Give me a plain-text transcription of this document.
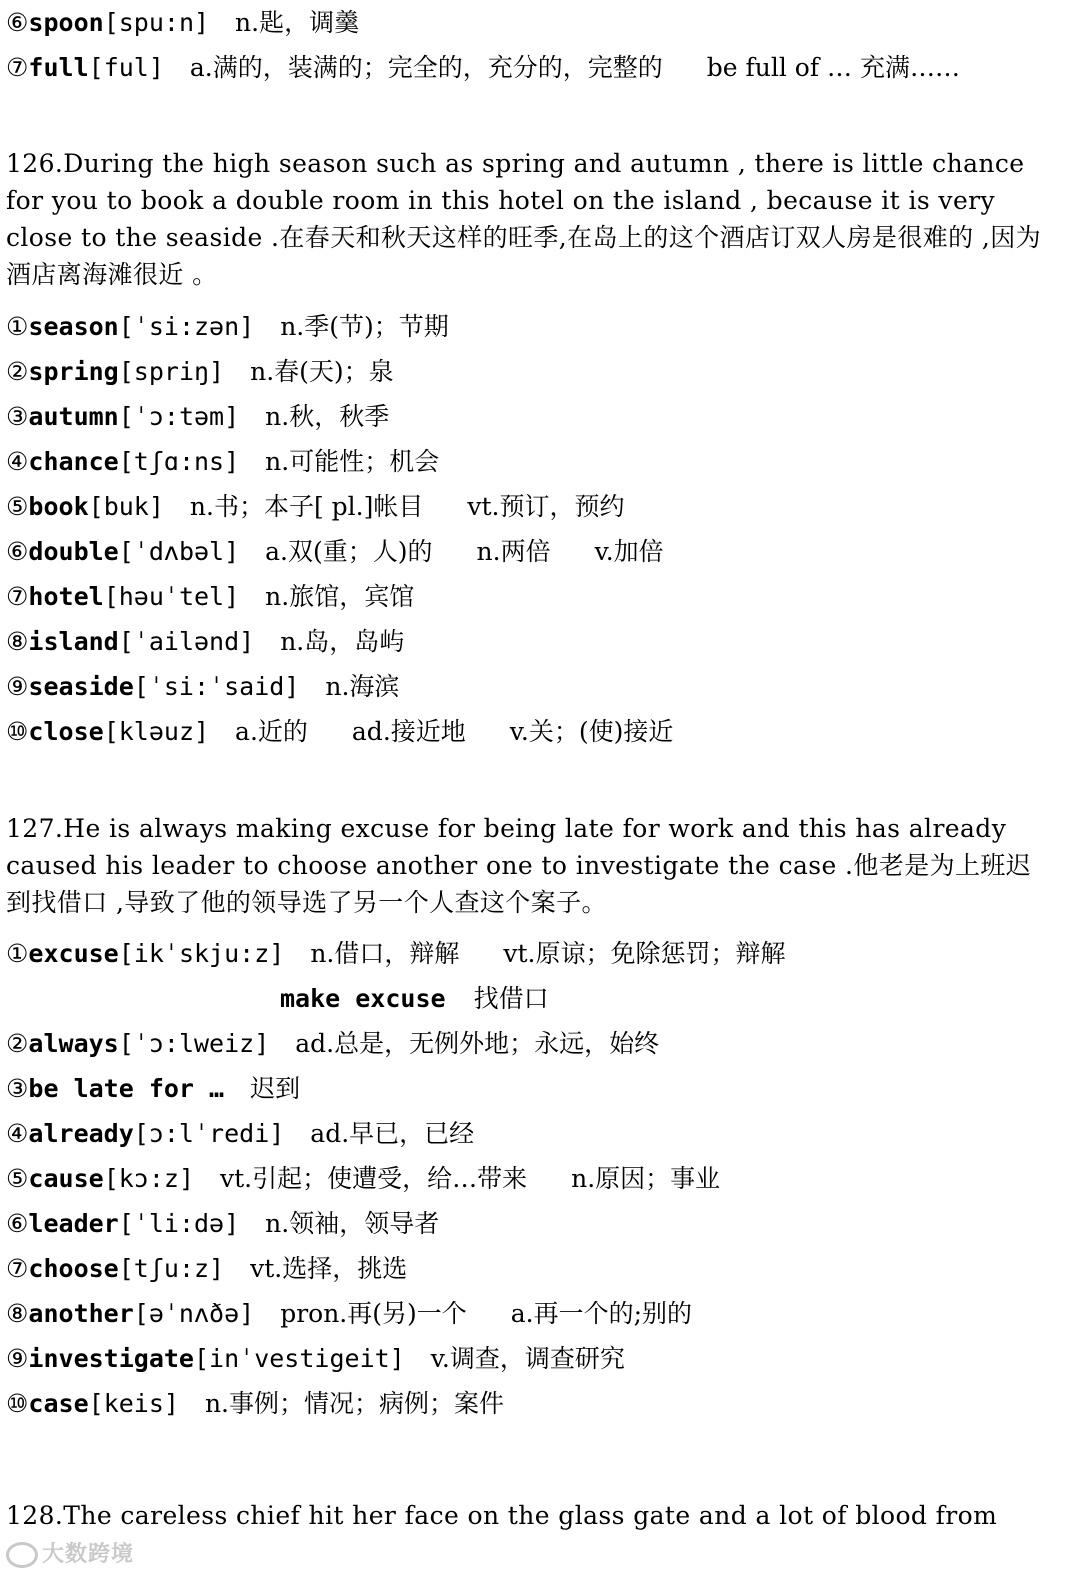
⑥spoon[spu:n] n.匙，调羹
⑦full[ful] a.满的，装满的；完全的，充分的，完整的 be full of … 充满……

126.During the high season such as spring and autumn , there is little chance for you to book a double room in this hotel on the island , because it is very close to the seaside .在春天和秋天这样的旺季,在岛上的这个酒店订双人房是很难的 ,因为酒店离海滩很近 。

①season[ˈsi:zən] n.季(节)；节期
②spring[spriŋ] n.春(天)；泉
③autumn[ˈɔ:təm] n.秋，秋季
④chance[tʃɑ:ns] n.可能性；机会
⑤book[buk] n.书；本子[ pl.]帐目 vt.预订，预约
⑥double[ˈdʌbəl] a.双(重；人)的 n.两倍 v.加倍
⑦hotel[həuˈtel] n.旅馆，宾馆
⑧island[ˈailənd] n.岛，岛屿
⑨seaside[ˈsi:ˈsaid] n.海滨
⑩close[kləuz] a.近的 ad.接近地 v.关；(使)接近

127.He is always making excuse for being late for work and this has already caused his leader to choose another one to investigate the case .他老是为上班迟到找借口 ,导致了他的领导选了另一个人查这个案子。

①excuse[ikˈskju:z] n.借口，辩解 vt.原谅；免除惩罚；辩解
make excuse 找借口
②always[ˈɔ:lweiz] ad.总是，无例外地；永远，始终
③be late for … 迟到
④already[ɔ:lˈredi] ad.早已，已经
⑤cause[kɔ:z] vt.引起；使遭受，给…带来 n.原因；事业
⑥leader[ˈli:də] n.领袖，领导者
⑦choose[tʃu:z] vt.选择，挑选
⑧another[əˈnʌðə] pron.再(另)一个 a.再一个的;别的
⑨investigate[inˈvestigeit] v.调查，调查研究
⑩case[keis] n.事例；情况；病例；案件

128.The careless chief hit her face on the glass gate and a lot of blood from

大数跨境
